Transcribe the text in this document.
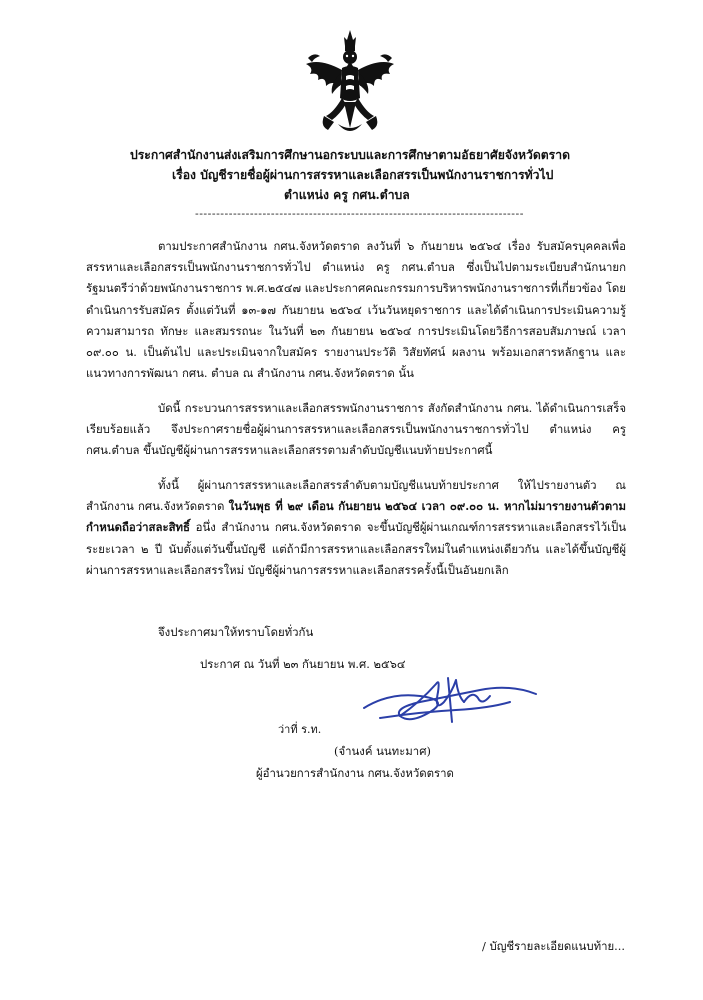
ประกาศสำนักงานส่งเสริมการศึกษานอกระบบและการศึกษาตามอัธยาศัยจังหวัดตราด
เรื่อง บัญชีรายชื่อผู้ผ่านการสรรหาและเลือกสรรเป็นพนักงานราชการทั่วไป
ตำแหน่ง ครู กศน.ตำบล
------------------------------------------------------------------------------
ตามประกาศสำนักงาน กศน.จังหวัดตราด ลงวันที่ ๖ กันยายน ๒๕๖๔ เรื่อง รับสมัครบุคคลเพื่อสรรหาและเลือกสรรเป็นพนักงานราชการทั่วไป ตำแหน่ง ครู กศน.ตำบล ซึ่งเป็นไปตามระเบียบสำนักนายกรัฐมนตรีว่าด้วยพนักงานราชการ พ.ศ.๒๕๔๗ และประกาศคณะกรรมการบริหารพนักงานราชการที่เกี่ยวข้อง โดยดำเนินการรับสมัคร ตั้งแต่วันที่ ๑๓-๑๗ กันยายน ๒๕๖๔ เว้นวันหยุดราชการ และได้ดำเนินการประเมินความรู้ความสามารถ ทักษะ และสมรรถนะ ในวันที่ ๒๓ กันยายน ๒๕๖๔ การประเมินโดยวิธีการสอบสัมภาษณ์ เวลา ๐๙.๐๐ น. เป็นต้นไป และประเมินจากใบสมัคร รายงานประวัติ วิสัยทัศน์ ผลงาน พร้อมเอกสารหลักฐาน และแนวทางการพัฒนา กศน. ตำบล ณ สำนักงาน กศน.จังหวัดตราด นั้น
บัดนี้ กระบวนการสรรหาและเลือกสรรพนักงานราชการ สังกัดสำนักงาน กศน. ได้ดำเนินการเสร็จเรียบร้อยแล้ว จึงประกาศรายชื่อผู้ผ่านการสรรหาและเลือกสรรเป็นพนักงานราชการทั่วไป ตำแหน่ง ครู กศน.ตำบล ขึ้นบัญชีผู้ผ่านการสรรหาและเลือกสรรตามลำดับบัญชีแนบท้ายประกาศนี้
ทั้งนี้ ผู้ผ่านการสรรหาและเลือกสรรลำดับตามบัญชีแนบท้ายประกาศ ให้ไปรายงานตัว ณ สำนักงาน กศน.จังหวัดตราด ในวันพุธ ที่ ๒๙ เดือน กันยายน ๒๕๖๔ เวลา ๐๙.๐๐ น. หากไม่มารายงานตัวตามกำหนดถือว่าสละสิทธิ์ อนึ่ง สำนักงาน กศน.จังหวัดตราด จะขึ้นบัญชีผู้ผ่านเกณฑ์การสรรหาและเลือกสรรไว้เป็นระยะเวลา ๒ ปี นับตั้งแต่วันขึ้นบัญชี แต่ถ้ามีการสรรหาและเลือกสรรใหม่ในตำแหน่งเดียวกัน และได้ขึ้นบัญชีผู้ผ่านการสรรหาและเลือกสรรใหม่ บัญชีผู้ผ่านการสรรหาและเลือกสรรครั้งนี้เป็นอันยกเลิก
จึงประกาศมาให้ทราบโดยทั่วกัน
ประกาศ ณ วันที่ ๒๓ กันยายน พ.ศ. ๒๕๖๔
ว่าที่ ร.ท.
(จำนงค์ นนทะมาศ)
ผู้อำนวยการสำนักงาน กศน.จังหวัดตราด
/ บัญชีรายละเอียดแนบท้าย...
